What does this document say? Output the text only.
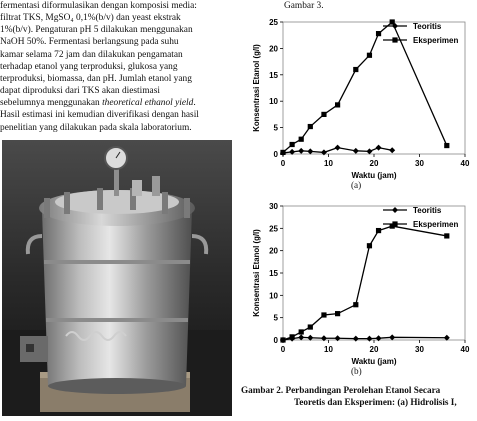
fermentasi diformulasikan dengan komposisi media:
filtrat TKS, MgSO₄ 0,1%(b/v) dan yeast ekstrak
1%(b/v). Pengaturan pH 5 dilakukan menggunakan
NaOH 50%. Fermentasi berlangsung pada suhu
kamar selama 72 jam dan dilakukan pengamatan
terhadap etanol yang terproduksi, glukosa yang
terproduksi, biomassa, dan pH. Jumlah etanol yang
dapat diproduksi dari TKS akan diestimasi
sebelumnya menggunakan theoretical ethanol yield.
Hasil estimasi ini kemudian diverifikasi dengan hasil
penelitian yang dilakukan pada skala laboratorium.
Gambar 3.
0
5
10
15
20
25
0	10	20	30	40
Waktu (jam)
Konsentrasi Etanol (g/l)
Teoritis
Eksperimen
(a)
0
5
10
15
20
25
30
0	10	20	30	40
Waktu (jam)
Konsentrasi Etanol (g/l)
Teoritis
Eksperimen
(b)
Gambar 2. Perbandingan Perolehan Etanol Secara
Teoretis dan Eksperimen: (a) Hidrolisis I,
